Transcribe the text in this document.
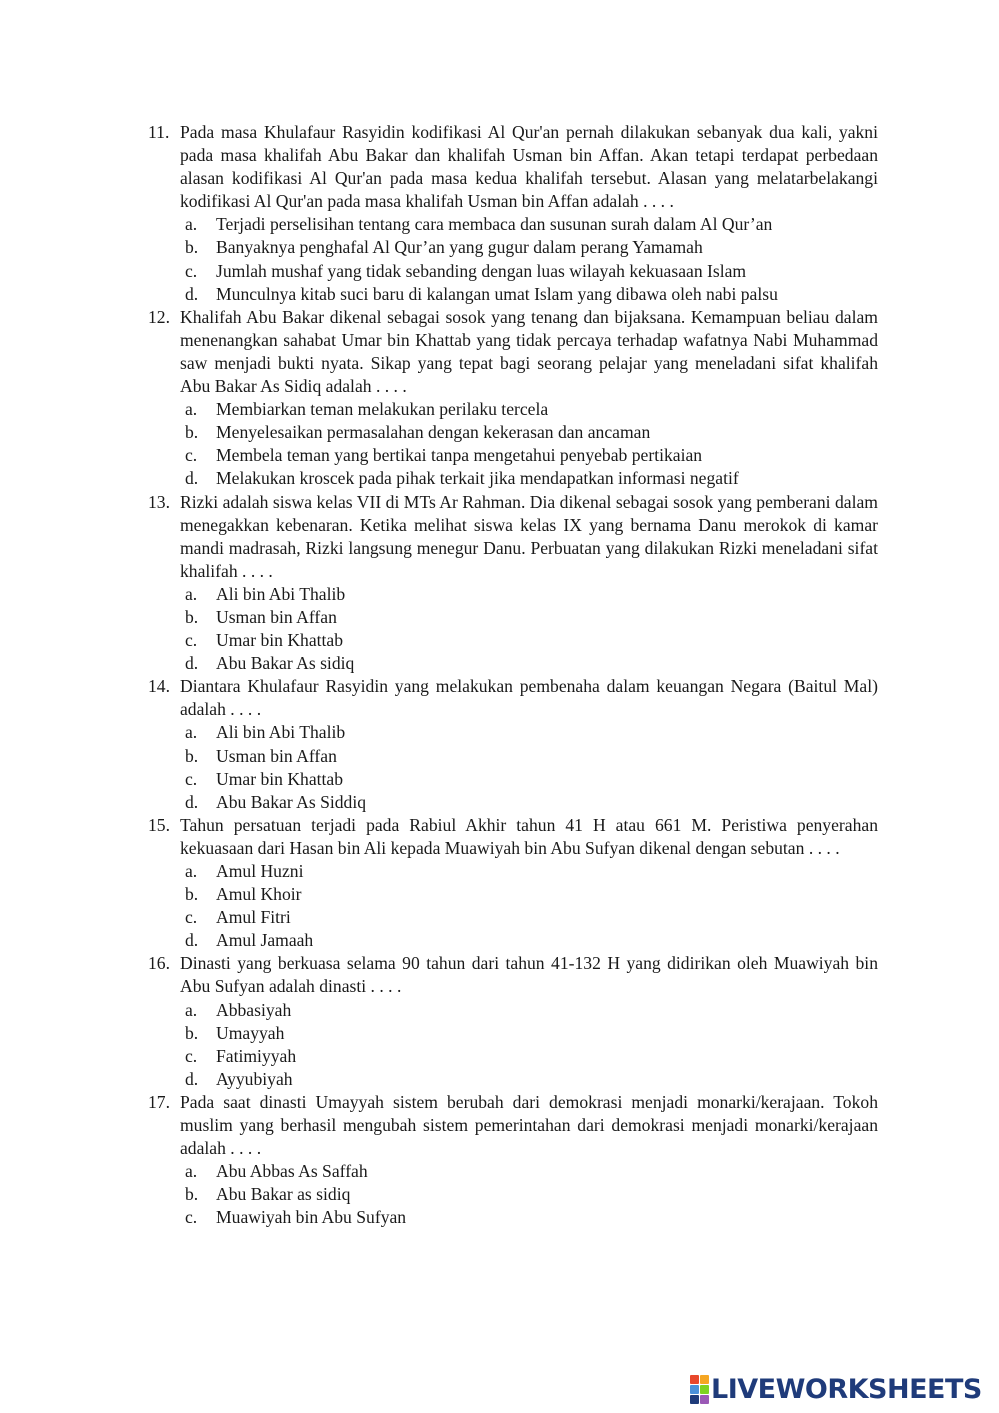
11. Pada masa Khulafaur Rasyidin kodifikasi Al Qur'an pernah dilakukan sebanyak dua kali, yakni pada masa khalifah Abu Bakar dan khalifah Usman bin Affan. Akan tetapi terdapat perbedaan alasan kodifikasi Al Qur'an pada masa kedua khalifah tersebut. Alasan yang melatarbelakangi kodifikasi Al Qur'an pada masa khalifah Usman bin Affan adalah . . . .
a.	Terjadi perselisihan tentang cara membaca dan susunan surah dalam Al Qur’an
b.	Banyaknya penghafal Al Qur’an yang gugur dalam perang Yamamah
c.	Jumlah mushaf yang tidak sebanding dengan luas wilayah kekuasaan Islam
d.	Munculnya kitab suci baru di kalangan umat Islam yang dibawa oleh nabi palsu
12. Khalifah Abu Bakar dikenal sebagai sosok yang tenang dan bijaksana. Kemampuan beliau dalam menenangkan sahabat Umar bin Khattab yang tidak percaya terhadap wafatnya Nabi Muhammad saw menjadi bukti nyata. Sikap yang tepat bagi seorang pelajar yang meneladani sifat khalifah Abu Bakar As Sidiq adalah . . . .
a.	Membiarkan teman melakukan perilaku tercela
b.	Menyelesaikan permasalahan dengan kekerasan dan ancaman
c.	Membela teman yang bertikai tanpa mengetahui penyebab pertikaian
d.	Melakukan kroscek pada pihak terkait jika mendapatkan informasi negatif
13. Rizki adalah siswa kelas VII di MTs Ar Rahman. Dia dikenal sebagai sosok yang pemberani dalam menegakkan kebenaran. Ketika melihat siswa kelas IX yang bernama Danu merokok di kamar mandi madrasah, Rizki langsung menegur Danu. Perbuatan yang dilakukan Rizki meneladani sifat khalifah . . . .
a.	Ali bin Abi Thalib
b.	Usman bin Affan
c.	Umar bin Khattab
d.	Abu Bakar As sidiq
14. Diantara Khulafaur Rasyidin yang melakukan pembenaha dalam keuangan Negara (Baitul Mal) adalah . . . .
a.	Ali bin Abi Thalib
b.	Usman bin Affan
c.	Umar bin Khattab
d.	Abu Bakar As Siddiq
15. Tahun persatuan terjadi pada Rabiul Akhir tahun 41 H atau 661 M. Peristiwa penyerahan kekuasaan dari Hasan bin Ali kepada Muawiyah bin Abu Sufyan dikenal dengan sebutan . . . .
a.	Amul Huzni
b.	Amul Khoir
c.	Amul Fitri
d.	Amul Jamaah
16. Dinasti yang berkuasa selama 90 tahun dari tahun 41-132 H yang didirikan oleh Muawiyah bin Abu Sufyan adalah dinasti . . . .
a.	Abbasiyah
b.	Umayyah
c.	Fatimiyyah
d.	Ayyubiyah
17. Pada saat dinasti Umayyah sistem berubah dari demokrasi menjadi monarki/kerajaan. Tokoh muslim yang berhasil mengubah sistem pemerintahan dari demokrasi menjadi monarki/kerajaan adalah . . . .
a.	Abu Abbas As Saffah
b.	Abu Bakar as sidiq
c.	Muawiyah bin Abu Sufyan
LIVEWORKSHEETS
